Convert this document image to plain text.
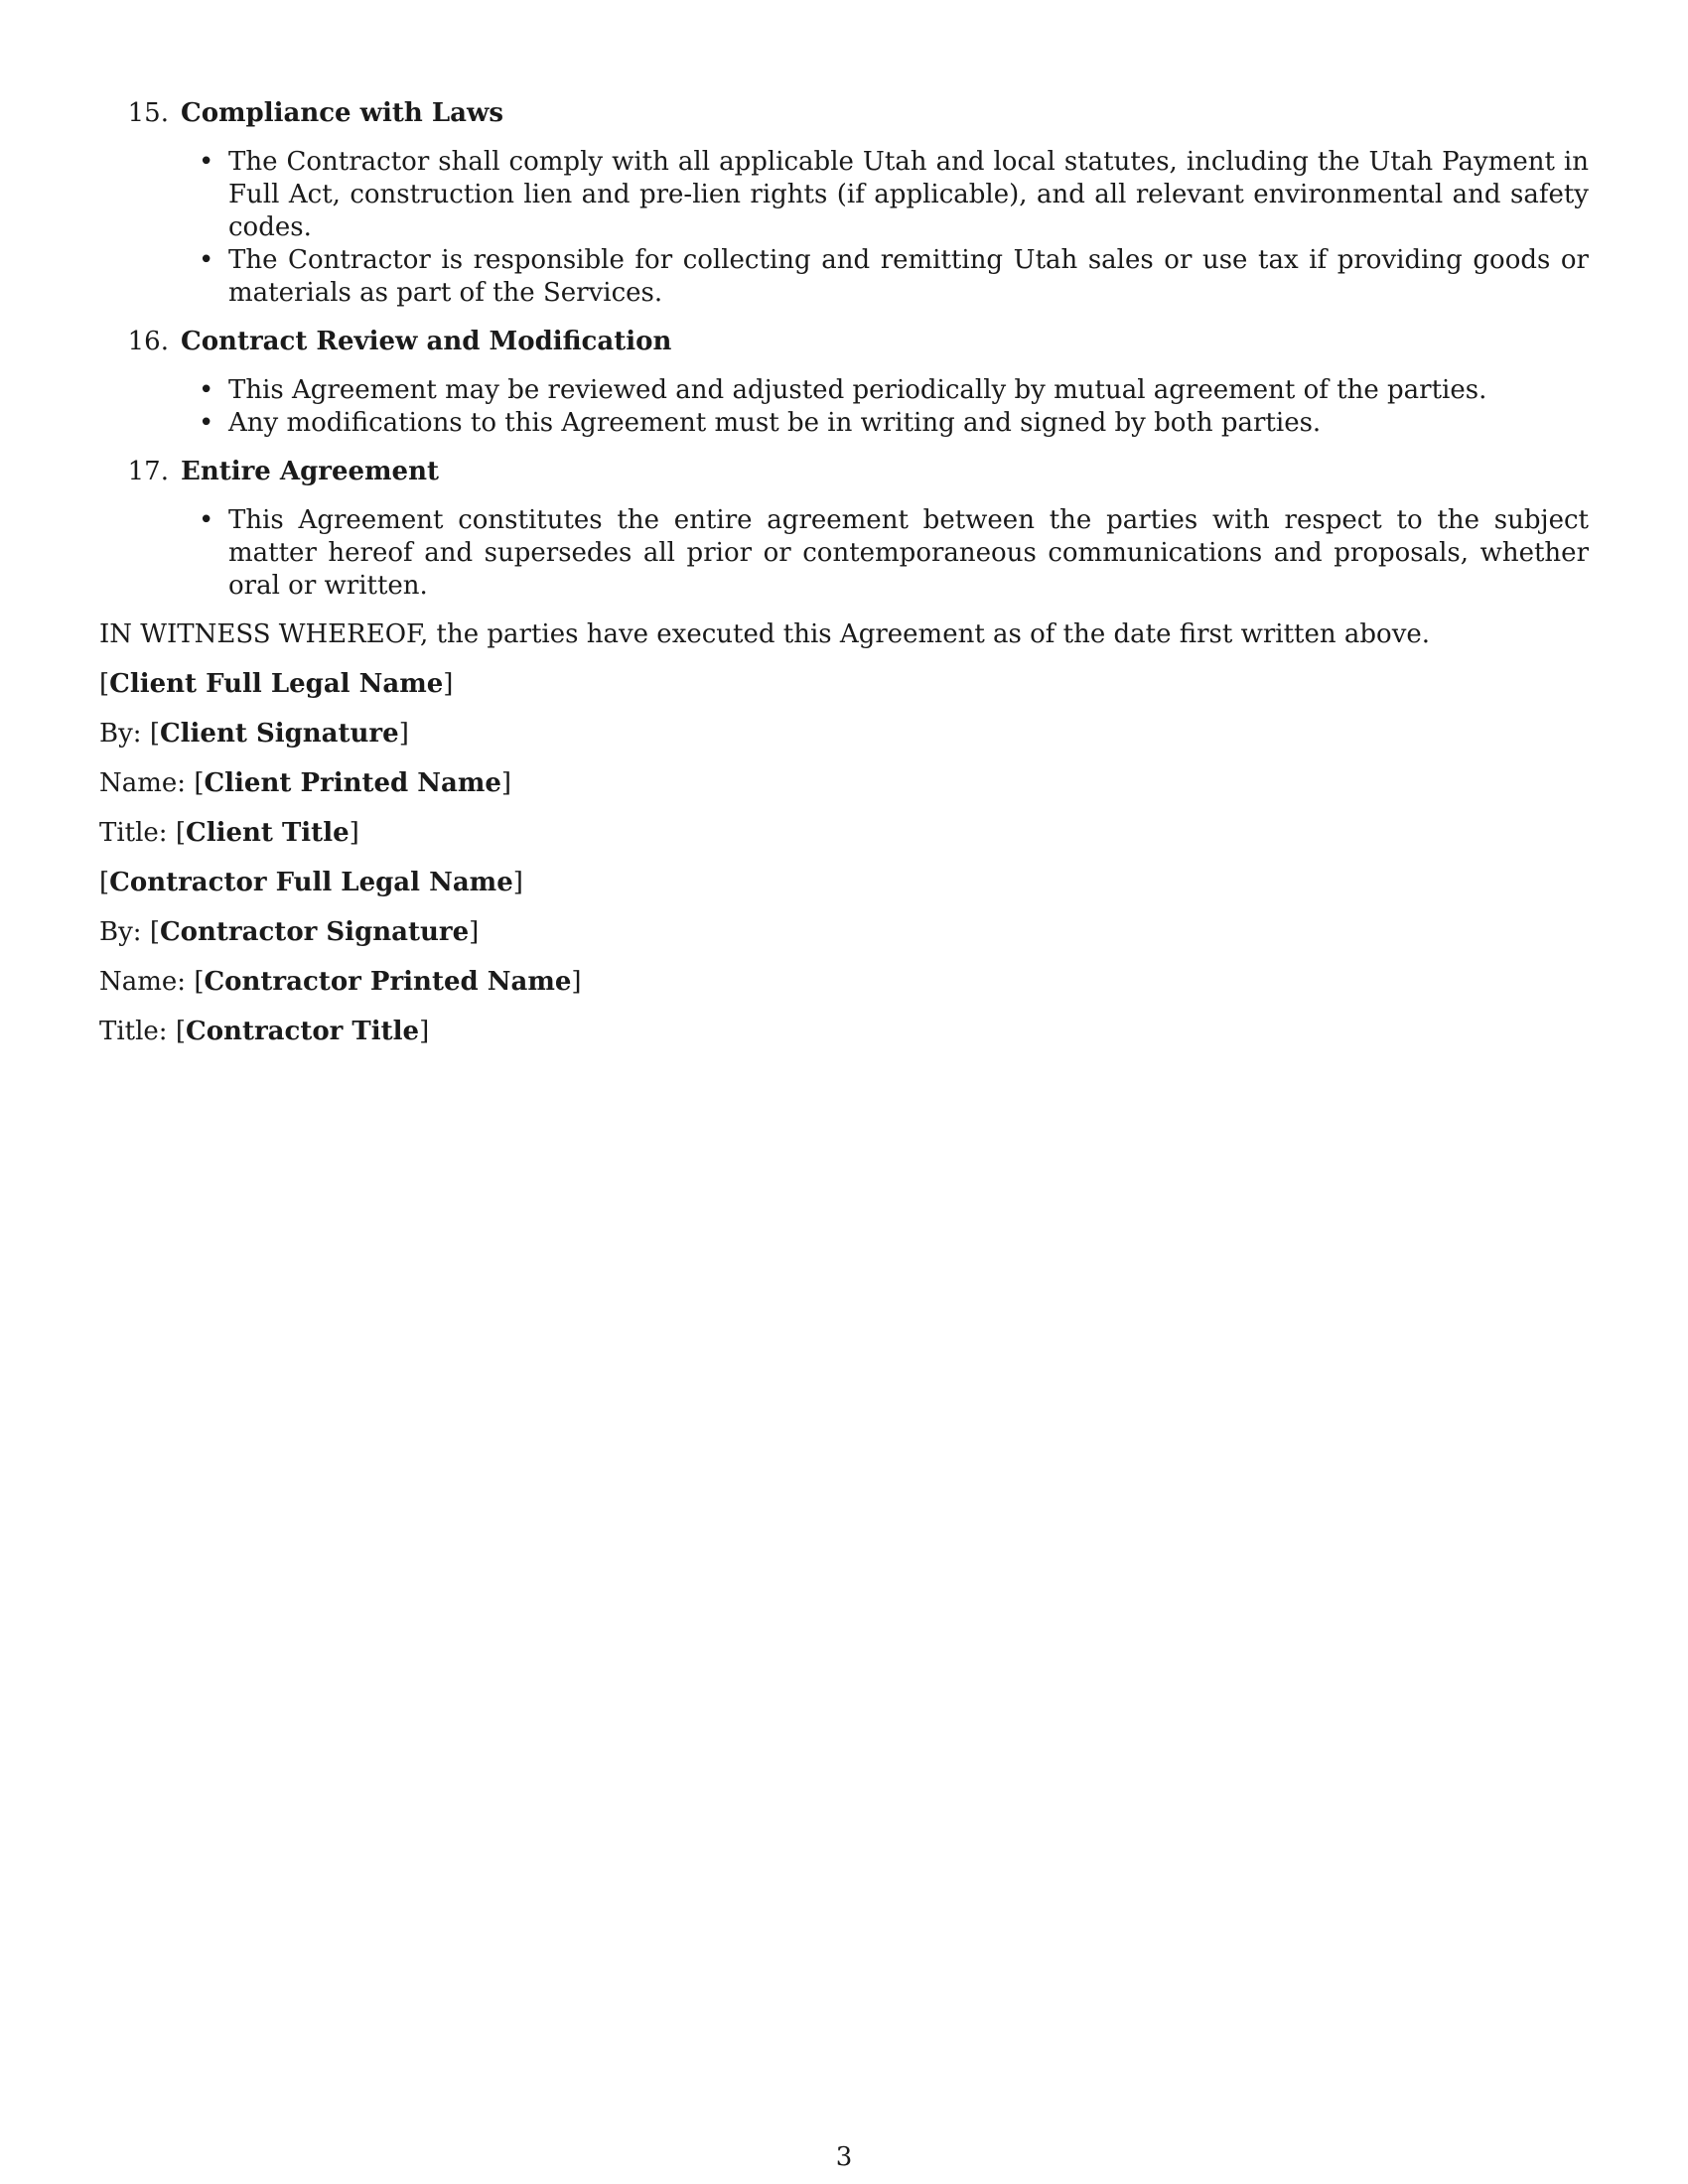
15. Compliance with Laws
• The Contractor shall comply with all applicable Utah and local statutes, including the Utah Payment in Full Act, construction lien and pre-lien rights (if applicable), and all relevant environmental and safety codes.
• The Contractor is responsible for collecting and remitting Utah sales or use tax if providing goods or materials as part of the Services.
16. Contract Review and Modification
• This Agreement may be reviewed and adjusted periodically by mutual agreement of the parties.
• Any modifications to this Agreement must be in writing and signed by both parties.
17. Entire Agreement
• This Agreement constitutes the entire agreement between the parties with respect to the subject matter hereof and supersedes all prior or contemporaneous communications and proposals, whether oral or written.
IN WITNESS WHEREOF, the parties have executed this Agreement as of the date first written above.
[Client Full Legal Name]
By: [Client Signature]
Name: [Client Printed Name]
Title: [Client Title]
[Contractor Full Legal Name]
By: [Contractor Signature]
Name: [Contractor Printed Name]
Title: [Contractor Title]
3
